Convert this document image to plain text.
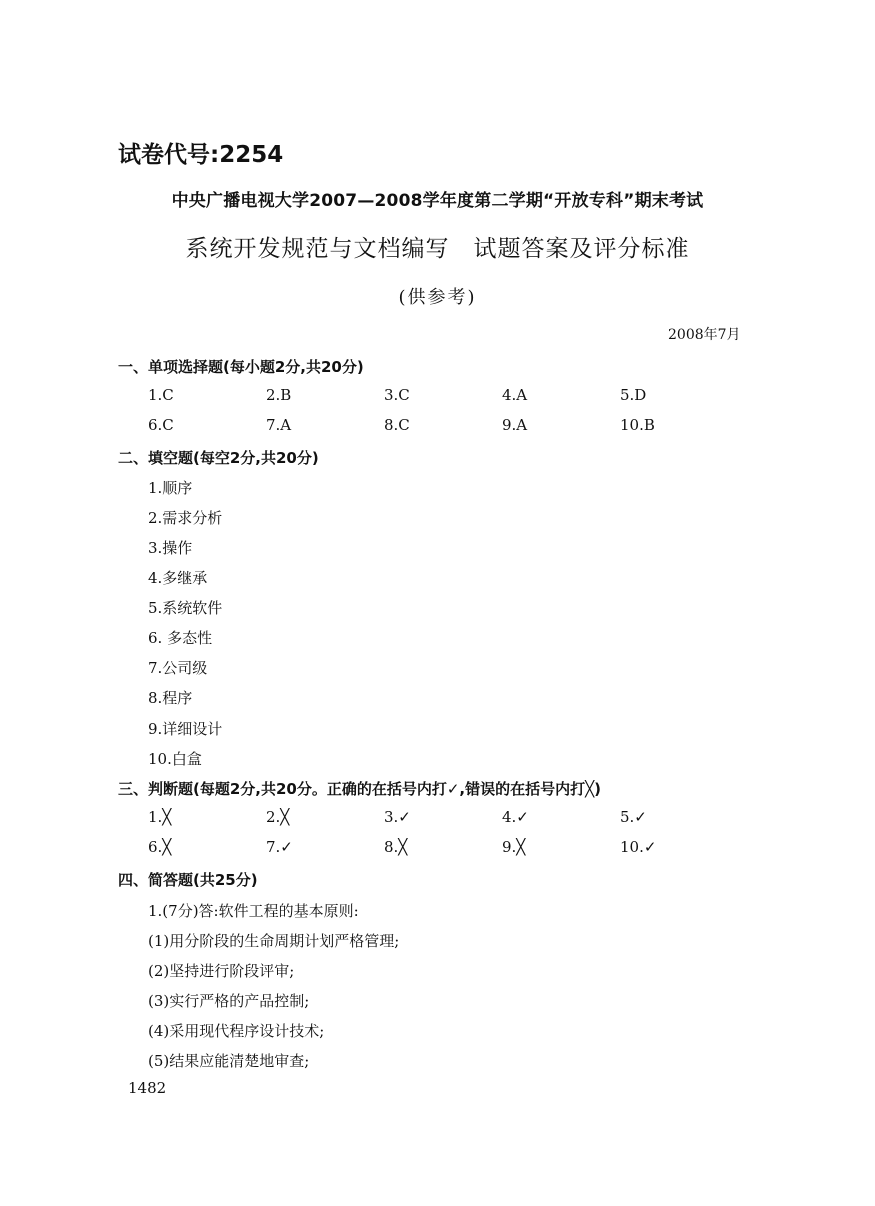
试卷代号:2254
中央广播电视大学2007—2008学年度第二学期“开放专科”期末考试
系统开发规范与文档编写　试题答案及评分标准
(供参考)
2008年7月
一、单项选择题(每小题2分,共20分)
1.C	2.B	3.C	4.A	5.D
6.C	7.A	8.C	9.A	10.B
二、填空题(每空2分,共20分)
1.顺序
2.需求分析
3.操作
4.多继承
5.系统软件
6. 多态性
7.公司级
8.程序
9.详细设计
10.白盒
三、判断题(每题2分,共20分。正确的在括号内打✓,错误的在括号内打╳)
1.╳	2.╳	3.✓	4.✓	5.✓
6.╳	7.✓	8.╳	9.╳	10.✓
四、简答题(共25分)
1.(7分)答:软件工程的基本原则:
(1)用分阶段的生命周期计划严格管理;
(2)坚持进行阶段评审;
(3)实行严格的产品控制;
(4)采用现代程序设计技术;
(5)结果应能清楚地审查;
1482
